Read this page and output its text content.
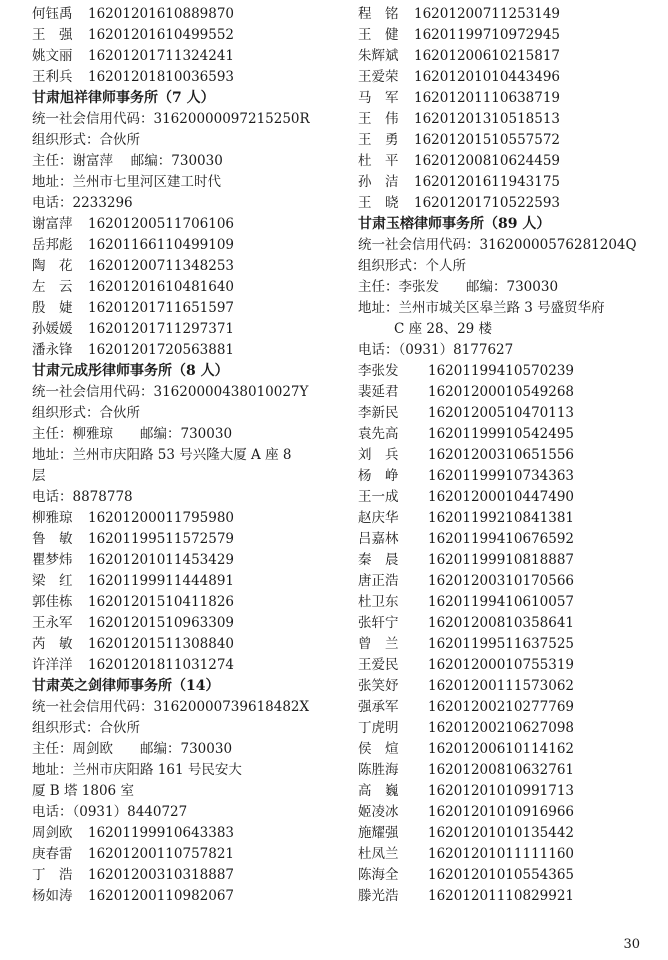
何钰禹 16201201610889870
王　强 16201201610499552
姚文丽 16201201711324241
王利兵 16201201810036593
甘肃旭祥律师事务所（7 人）
统一社会信用代码：31620000097215250R
组织形式：合伙所
主任：谢富萍　 邮编：730030
地址：兰州市七里河区建工时代
电话：2233296
谢富萍 16201200511706106
岳邦彪 16201166110499109
陶　花 16201200711348253
左　云 16201201610481640
殷　婕 16201201711651597
孙媛媛 16201201711297371
潘永锋 16201201720563881
甘肃元成彤律师事务所（8 人）
统一社会信用代码：31620000438010027Y
组织形式：合伙所
主任：柳雅琼　　邮编：730030
地址：兰州市庆阳路 53 号兴隆大厦 A 座 8
层
电话：8878778
柳雅琼 16201200011795980
鲁　敏 16201199511572579
瞿梦炜 16201201011453429
梁　红 16201199911444891
郭佳栋 16201201510411826
王永军 16201201510963309
芮　敏 16201201511308840
许洋洋 16201201811031274
甘肃英之剑律师事务所（14）
统一社会信用代码：31620000739618482X
组织形式：合伙所
主任：周剑欧　　邮编：730030
地址：兰州市庆阳路 161 号民安大
厦 B 塔 1806 室
电话：（0931）8440727
周剑欧 16201199910643383
庚春雷 16201200110757821
丁　浩 16201200310318887
杨如涛 16201200110982067
程　铭 16201200711253149
王　健 16201199710972945
朱辉斌 16201200610215817
王爱荣 16201201010443496
马　军 16201201110638719
王　伟 16201201310518513
王　勇 16201201510557572
杜　平 16201200810624459
孙　洁 16201201611943175
王　晓 16201201710522593
甘肃玉榕律师事务所（89 人）
统一社会信用代码：31620000576281204Q
组织形式：个人所
主任：李张发　　邮编：730030
地址：兰州市城关区皋兰路 3 号盛贸华府
C 座 28、29 楼
电话：（0931）8177627
李张发 16201199410570239
裴延君 16201200010549268
李新民 16201200510470113
袁先高 16201199910542495
刘　兵 16201200310651556
杨　峥 16201199910734363
王一成 16201200010447490
赵庆华 16201199210841381
吕嘉林 16201199410676592
秦　晨 16201199910818887
唐正浩 16201200310170566
杜卫东 16201199410610057
张轩宁 16201200810358641
曾　兰 16201199511637525
王爱民 16201200010755319
张笑妤 16201200111573062
强承军 16201200210277769
丁虎明 16201200210627098
侯　煊 16201200610114162
陈胜海 16201200810632761
高　巍 16201201010991713
姬凌冰 16201201010916966
施耀强 16201201010135442
杜凤兰 16201201011111160
陈海全 16201201010554365
滕光浩 16201201110829921
30
